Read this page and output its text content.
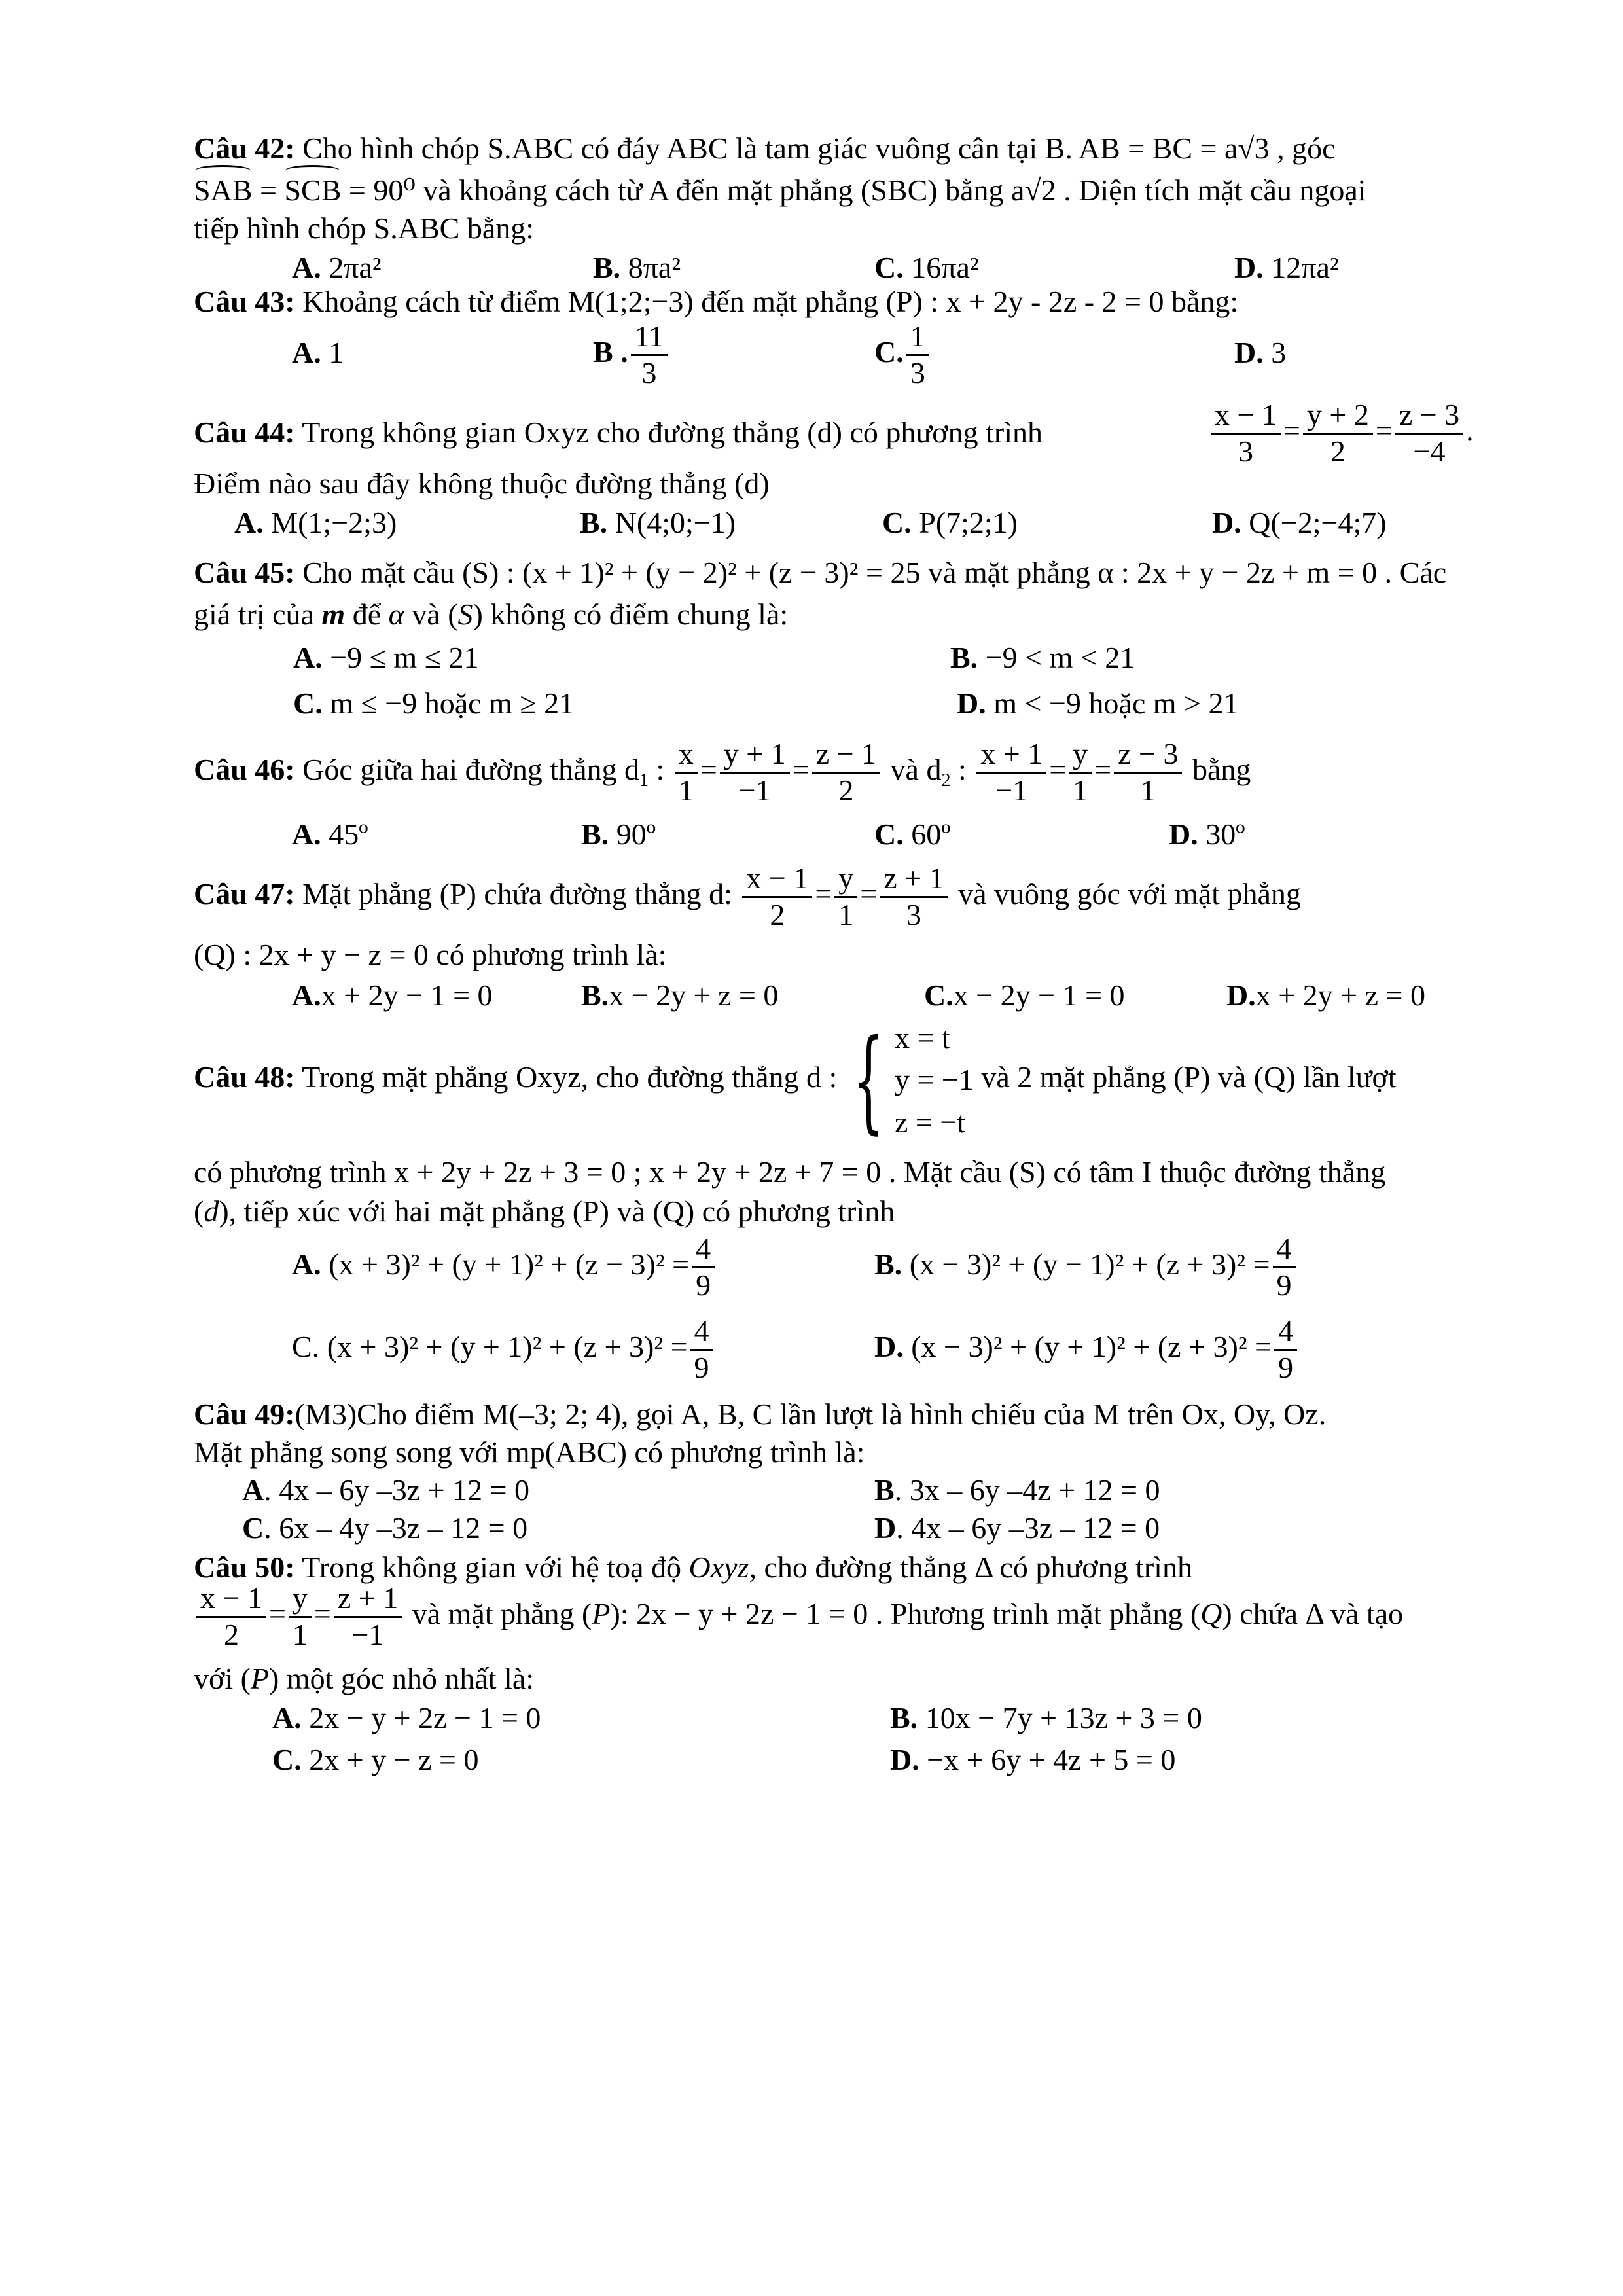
Câu 42: Cho hình chóp S.ABC có đáy ABC là tam giác vuông cân tại B. AB = BC = a√3 , góc
SAB = SCB = 90⁰ và khoảng cách từ A đến mặt phẳng (SBC) bằng a√2 . Diện tích mặt cầu ngoại
tiếp hình chóp S.ABC bằng:
A. 2πa²	B. 8πa²	C. 16πa²	D. 12πa²
Câu 43: Khoảng cách từ điểm M(1;2;−3) đến mặt phẳng (P) : x + 2y - 2z - 2 = 0 bằng:
A. 1	B . $\frac{11}{3}$	C. $\frac{1}{3}$	D. 3
Câu 44: Trong không gian Oxyz cho đường thẳng (d) có phương trình	$\frac{x - 1}{3} = \frac{y + 2}{2} = \frac{z - 3}{-4}$ .
Điểm nào sau đây không thuộc đường thẳng (d)
A. M(1;−2;3)	B. N(4;0;−1)	C. P(7;2;1)	D. Q(−2;−4;7)
Câu 45: Cho mặt cầu (S) : (x + 1)² + (y − 2)² + (z − 3)² = 25 và mặt phẳng α : 2x + y − 2z + m = 0 . Các
giá trị của m để α và (S) không có điểm chung là:
A. −9 ≤ m ≤ 21	B. −9 < m < 21
C. m ≤ −9 hoặc m ≥ 21	D. m < −9 hoặc m > 21
Câu 46: Góc giữa hai đường thẳng $d_1$ : $\frac{x}{1} = \frac{y + 1}{-1} = \frac{z - 1}{2}$ và $d_2$ : $\frac{x + 1}{-1} = \frac{y}{1} = \frac{z - 3}{1}$ bằng
A. 45º	B. 90º	C. 60º	D. 30º
Câu 47: Mặt phẳng (P) chứa đường thẳng d: $\frac{x - 1}{2} = \frac{y}{1} = \frac{z + 1}{3}$ và vuông góc với mặt phẳng
(Q) : 2x + y − z = 0 có phương trình là:
A.x + 2y − 1 = 0	B.x − 2y + z = 0	C.x − 2y − 1 = 0	D.x + 2y + z = 0
Câu 48: Trong mặt phẳng Oxyz, cho đường thẳng d : { x = t
y = −1
z = −t
và 2 mặt phẳng (P) và (Q) lần lượt
có phương trình x + 2y + 2z + 3 = 0 ; x + 2y + 2z + 7 = 0 . Mặt cầu (S) có tâm I thuộc đường thẳng
(d), tiếp xúc với hai mặt phẳng (P) và (Q) có phương trình
A. $(x + 3)^2 + (y + 1)^2 + (z - 3)^2 = \frac{4}{9}$	B. $(x - 3)^2 + (y - 1)^2 + (z + 3)^2 = \frac{4}{9}$
C. $(x + 3)^2 + (y + 1)^2 + (z + 3)^2 = \frac{4}{9}$	D. $(x - 3)^2 + (y + 1)^2 + (z + 3)^2 = \frac{4}{9}$
Câu 49:(M3)Cho điểm M(–3; 2; 4), gọi A, B, C lần lượt là hình chiếu của M trên Ox, Oy, Oz.
Mặt phẳng song song với mp(ABC) có phương trình là:
A. 4x – 6y –3z + 12 = 0	B. 3x – 6y –4z + 12 = 0
C. 6x – 4y –3z – 12 = 0	D. 4x – 6y –3z – 12 = 0
Câu 50: Trong không gian với hệ toạ độ Oxyz, cho đường thẳng Δ có phương trình
$\frac{x - 1}{2} = \frac{y}{1} = \frac{z + 1}{-1}$ và mặt phẳng (P): 2x − y + 2z − 1 = 0 . Phương trình mặt phẳng (Q) chứa Δ và tạo
với (P) một góc nhỏ nhất là:
A. 2x − y + 2z − 1 = 0	B. 10x − 7y + 13z + 3 = 0
C. 2x + y − z = 0	D. −x + 6y + 4z + 5 = 0
